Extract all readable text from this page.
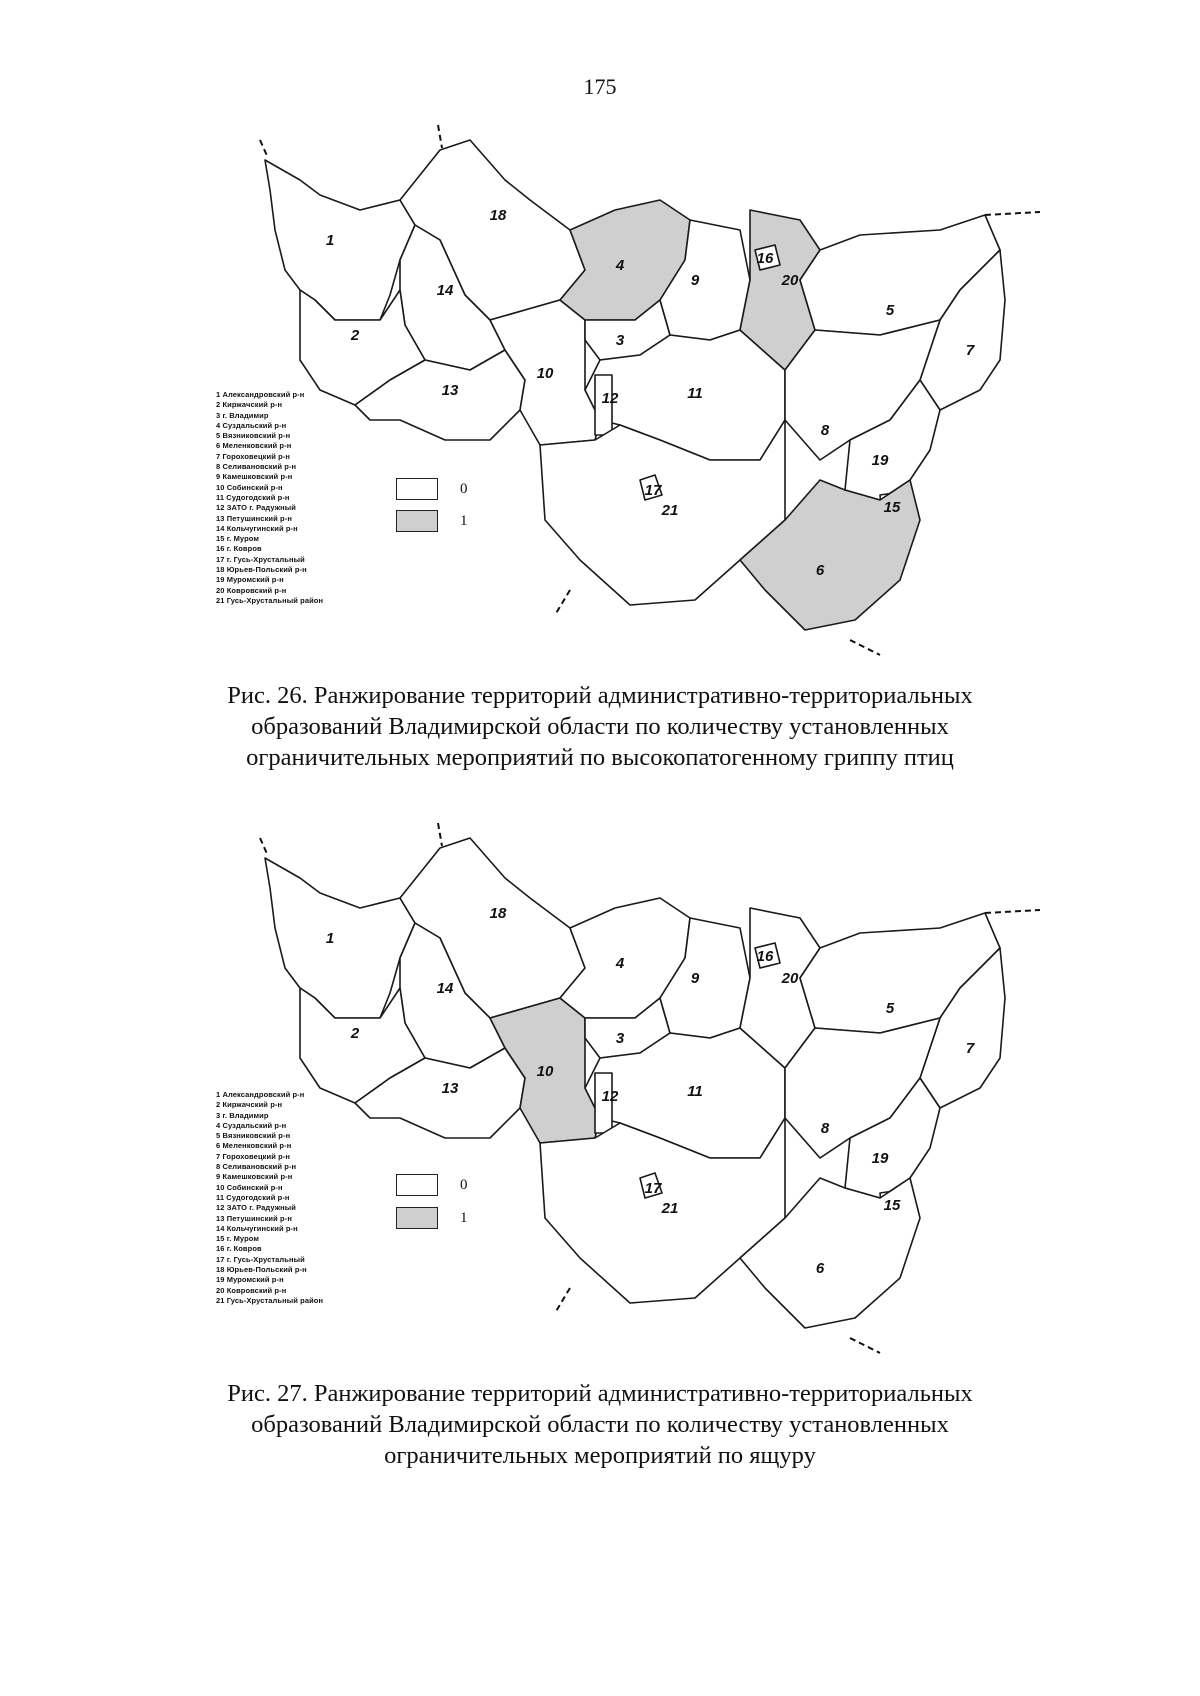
175
1
18
14
2
13
10
4
3
9
11
12
20
16
5
7
8
19
15
21
17
6
1 Александровский р-н
2 Киржачский р-н
3 г. Владимир
4 Суздальский р-н
5 Вязниковский р-н
6 Меленковский р-н
7 Гороховецкий р-н
8 Селивановский р-н
9 Камешковский р-н
10 Собинский р-н
11 Судогодский р-н
12 ЗАТО г. Радужный
13 Петушинский р-н
14 Кольчугинский р-н
15 г. Муром
16 г. Ковров
17 г. Гусь-Хрустальный
18 Юрьев-Польский р-н
19 Муромский р-н
20 Ковровский р-н
21 Гусь-Хрустальный район
0
1
Рис. 26. Ранжирование территорий административно-территориальных
образований Владимирской области по количеству установленных
ограничительных мероприятий по высокопатогенному гриппу птиц
1
18
14
2
13
10
4
3
9
11
12
20
16
5
7
8
19
15
21
17
6
1 Александровский р-н
2 Киржачский р-н
3 г. Владимир
4 Суздальский р-н
5 Вязниковский р-н
6 Меленковский р-н
7 Гороховецкий р-н
8 Селивановский р-н
9 Камешковский р-н
10 Собинский р-н
11 Судогодский р-н
12 ЗАТО г. Радужный
13 Петушинский р-н
14 Кольчугинский р-н
15 г. Муром
16 г. Ковров
17 г. Гусь-Хрустальный
18 Юрьев-Польский р-н
19 Муромский р-н
20 Ковровский р-н
21 Гусь-Хрустальный район
0
1
Рис. 27. Ранжирование территорий административно-территориальных
образований Владимирской области по количеству установленных
ограничительных мероприятий по ящуру
